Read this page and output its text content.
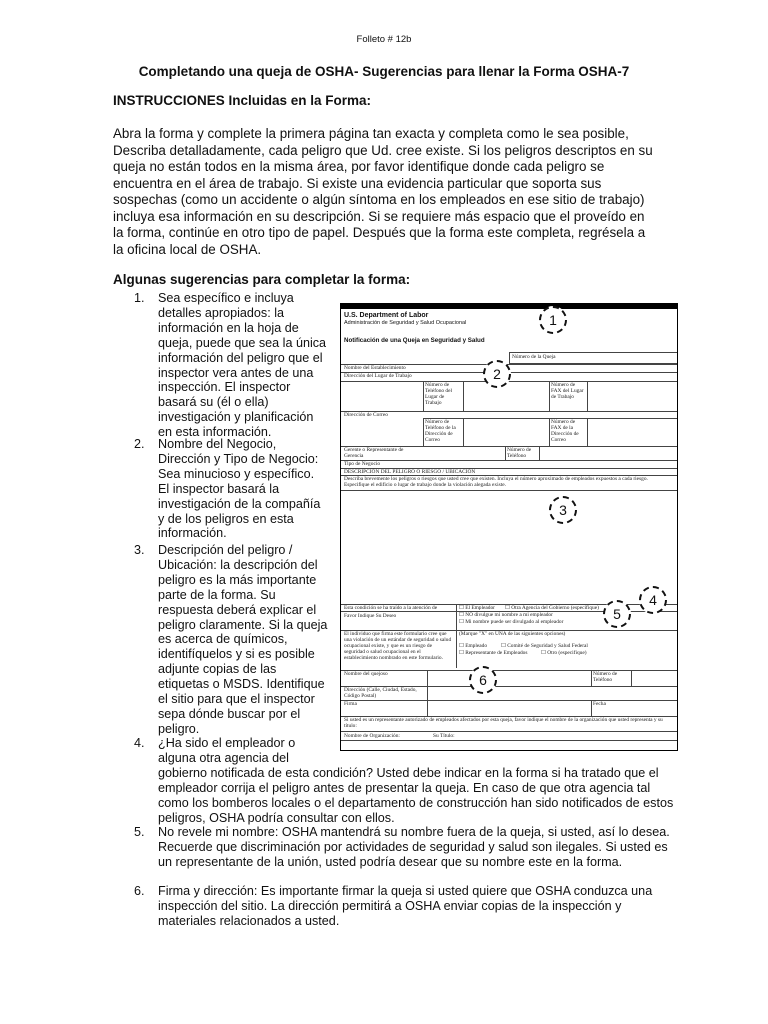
Folleto # 12b
Completando una queja de OSHA- Sugerencias para llenar la Forma OSHA-7
INSTRUCCIONES Incluidas en la Forma:
Abra la forma y complete la primera página tan exacta y completa como le sea posible, Describa detalladamente, cada peligro que Ud. cree existe. Si los peligros descriptos en su queja no están todos en la misma área, por favor identifique donde cada peligro se encuentra en el área de trabajo. Si existe una evidencia particular que soporta sus sospechas (como un accidente o algún síntoma en los empleados en ese sitio de trabajo) incluya esa información en su descripción. Si se requiere más espacio que el proveído en la forma, continúe en otro tipo de papel. Después que la forma este completa, regrésela a la oficina local de OSHA.
Algunas sugerencias para completar la forma:
1. Sea específico e incluya detalles apropiados: la información en la hoja de queja, puede que sea la única información del peligro que el inspector vera antes de una inspección. El inspector basará su (él o ella) investigación y planificación en esta información.
2. Nombre del Negocio, Dirección y Tipo de Negocio: Sea minucioso y específico. El inspector basará la investigación de la compañía y de los peligros en esta información.
3. Descripción del peligro / Ubicación: la descripción del peligro es la más importante parte de la forma. Su respuesta deberá explicar el peligro claramente. Si la queja es acerca de químicos, identifíquelos y si es posible adjunte copias de las etiquetas o MSDS. Identifique el sitio para que el inspector sepa dónde buscar por el peligro.
4. ¿Ha sido el empleador o alguna otra agencia del
gobierno notificada de esta condición? Usted debe indicar en la forma si ha tratado que el empleador corrija el peligro antes de presentar la queja. En caso de que otra agencia tal como los bomberos locales o el departamento de construcción han sido notificados de estos peligros, OSHA podría consultar con ellos.
5. No revele mi nombre: OSHA mantendrá su nombre fuera de la queja, si usted, así lo desea. Recuerde que discriminación por actividades de seguridad y salud son ilegales. Si usted es un representante de la unión, usted podría desear que su nombre este en la forma.
6. Firma y dirección: Es importante firmar la queja si usted quiere que OSHA conduzca una inspección del sitio. La dirección permitirá a OSHA enviar copias de la inspección y materiales relacionados a usted.
U.S. Department of Labor
Administración de Seguridad y Salud Ocupacional
Notificación de una Queja en Seguridad y Salud
Número de la Queja
Nombre del Establecimiento
Dirección del Lugar de Trabajo
Número de Teléfono del Lugar de Trabajo
Número de FAX del Lugar de Trabajo
Dirección de Correo
Número de Teléfono de la Dirección de Correo
Número de FAX de la Dirección de Correo
Gerente o Representante de Gerencia
Número de Teléfono
Tipo de Negocio
DESCRIPCIÓN DEL PELIGRO O RIESGO / UBICACIÓN
Describa brevemente los peligros o riesgos que usted cree que existen. Incluya el número aproximado de empleados expuestos a cada riesgo. Especifique el edificio o lugar de trabajo donde la violación alegada existe.
Esta condición se ha traído a la atención de	☐ El Empleador ☐ Otra Agencia del Gobierno (especifique)
Favor Indique Su Deseo	☐ NO divulgue mi nombre a mi empleador
☐ Mi nombre puede ser divulgado al empleador
El individuo que firma este formulario cree que una violación de un estándar de seguridad o salud ocupacional existe, y que es un riesgo de seguridad o salud ocupacional en el establecimiento nombrado en este formulario.
(Marque "X" en UNA de las siguientes opciones)
☐ Empleado	☐ Comité de Seguridad y Salud Federal
☐ Representante de Empleados	☐ Otro (especifique)
Nombre del quejoso	Número de Teléfono
Dirección (Calle, Ciudad, Estado, Código Postal)
Firma	Fecha
Si usted es un representante autorizado de empleados afectados por esta queja, favor indique el nombre de la organización que usted representa y su título:
Nombre de Organización:	Su Título:
1
2
3
4
5
6
